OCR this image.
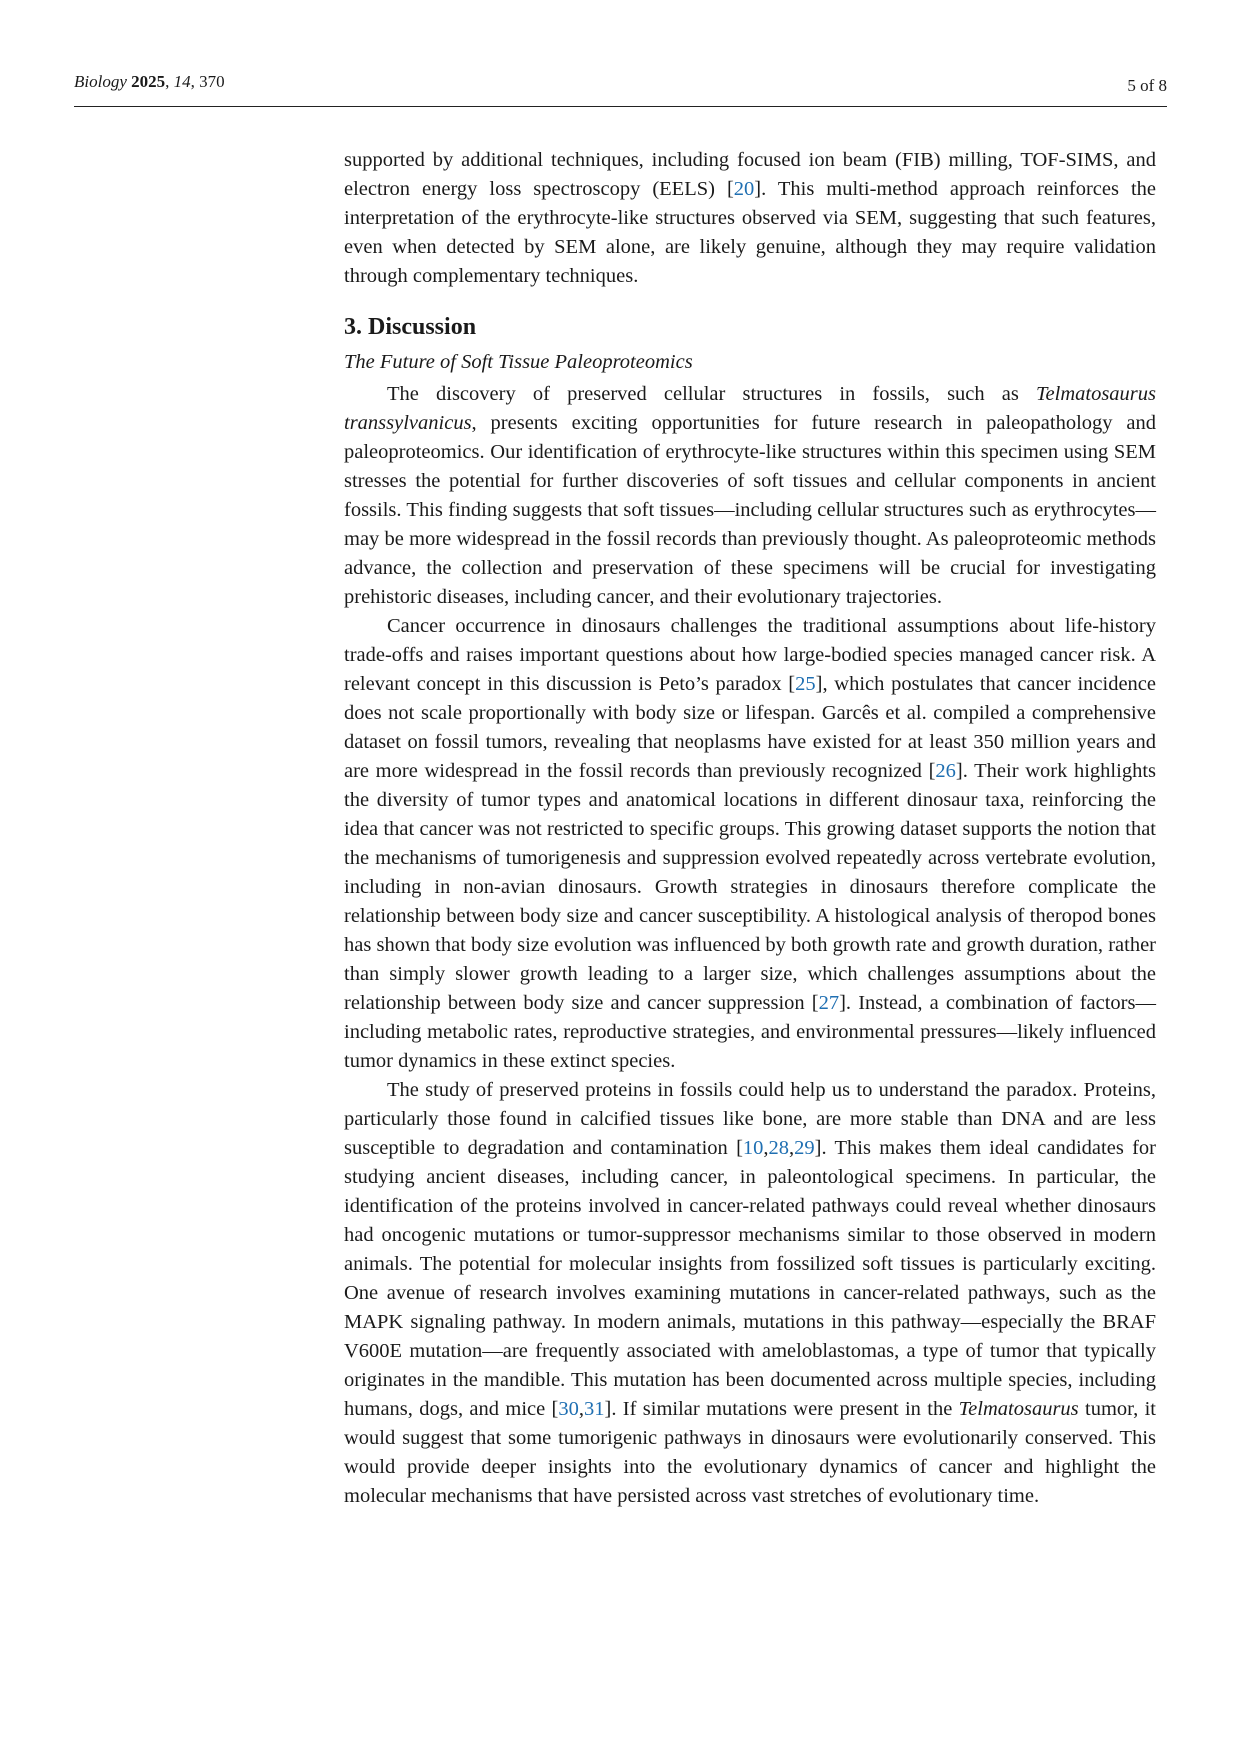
Biology 2025, 14, 370	5 of 8

supported by additional techniques, including focused ion beam (FIB) milling, TOF-SIMS, and electron energy loss spectroscopy (EELS) [20]. This multi-method approach reinforces the interpretation of the erythrocyte-like structures observed via SEM, suggesting that such features, even when detected by SEM alone, are likely genuine, although they may require validation through complementary techniques.

3. Discussion
The Future of Soft Tissue Paleoproteomics

The discovery of preserved cellular structures in fossils, such as Telmatosaurus transsylvanicus, presents exciting opportunities for future research in paleopathology and paleoproteomics. Our identification of erythrocyte-like structures within this specimen using SEM stresses the potential for further discoveries of soft tissues and cellular components in ancient fossils. This finding suggests that soft tissues—including cellular structures such as erythrocytes—may be more widespread in the fossil records than previously thought. As paleoproteomic methods advance, the collection and preservation of these specimens will be crucial for investigating prehistoric diseases, including cancer, and their evolutionary trajectories.

Cancer occurrence in dinosaurs challenges the traditional assumptions about life-history trade-offs and raises important questions about how large-bodied species managed cancer risk. A relevant concept in this discussion is Peto’s paradox [25], which postulates that cancer incidence does not scale proportionally with body size or lifespan. Garcês et al. compiled a comprehensive dataset on fossil tumors, revealing that neoplasms have existed for at least 350 million years and are more widespread in the fossil records than previously recognized [26]. Their work highlights the diversity of tumor types and anatomical locations in different dinosaur taxa, reinforcing the idea that cancer was not restricted to specific groups. This growing dataset supports the notion that the mechanisms of tumorigenesis and suppression evolved repeatedly across vertebrate evolution, including in non-avian dinosaurs. Growth strategies in dinosaurs therefore complicate the relationship between body size and cancer susceptibility. A histological analysis of theropod bones has shown that body size evolution was influenced by both growth rate and growth duration, rather than simply slower growth leading to a larger size, which challenges assumptions about the relationship between body size and cancer suppression [27]. Instead, a combination of factors—including metabolic rates, reproductive strategies, and environmental pressures—likely influenced tumor dynamics in these extinct species.

The study of preserved proteins in fossils could help us to understand the paradox. Proteins, particularly those found in calcified tissues like bone, are more stable than DNA and are less susceptible to degradation and contamination [10,28,29]. This makes them ideal candidates for studying ancient diseases, including cancer, in paleontological specimens. In particular, the identification of the proteins involved in cancer-related pathways could reveal whether dinosaurs had oncogenic mutations or tumor-suppressor mechanisms similar to those observed in modern animals. The potential for molecular insights from fossilized soft tissues is particularly exciting. One avenue of research involves examining mutations in cancer-related pathways, such as the MAPK signaling pathway. In modern animals, mutations in this pathway—especially the BRAF V600E mutation—are frequently associated with ameloblastomas, a type of tumor that typically originates in the mandible. This mutation has been documented across multiple species, including humans, dogs, and mice [30,31]. If similar mutations were present in the Telmatosaurus tumor, it would suggest that some tumorigenic pathways in dinosaurs were evolutionarily conserved. This would provide deeper insights into the evolutionary dynamics of cancer and highlight the molecular mechanisms that have persisted across vast stretches of evolutionary time.
